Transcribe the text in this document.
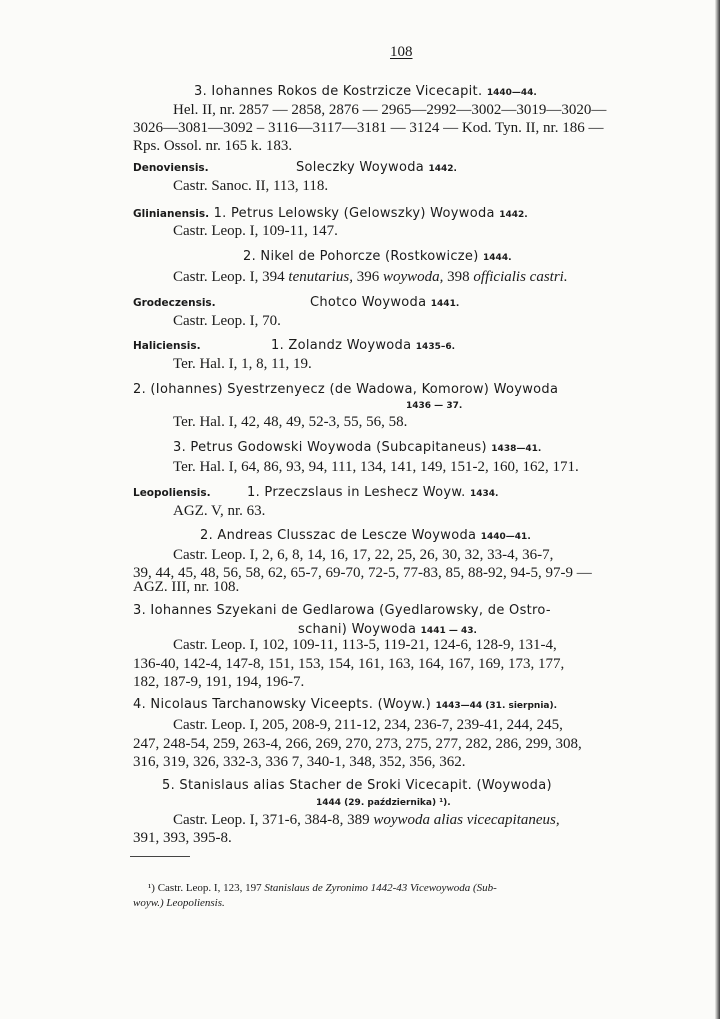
108
3. Iohannes Rokos de Kostrzicze Vicecapit. 1440—44.
Hel. II, nr. 2857 — 2858, 2876 — 2965—2992—3002—3019—3020—
3026—3081—3092 – 3116—3117—3181 — 3124 — Kod. Tyn. II, nr. 186 —
Rps. Ossol. nr. 165 k. 183.
Denoviensis.	Soleczky Woywoda 1442.
Castr. Sanoc. II, 113, 118.
Glinianensis. 1. Petrus Lelowsky (Gelowszky) Woywoda 1442.
Castr. Leop. I, 109-11, 147.
2. Nikel de Pohorcze (Rostkowicze) 1444.
Castr. Leop. I, 394 tenutarius, 396 woywoda, 398 officialis castri.
Grodeczensis.	Chotco Woywoda 1441.
Castr. Leop. I, 70.
Haliciensis.	1. Zolandz Woywoda 1435–6.
Ter. Hal. I, 1, 8, 11, 19.
2. (Iohannes) Syestrzenyecz (de Wadowa, Komorow) Woywoda
1436 — 37.
Ter. Hal. I, 42, 48, 49, 52-3, 55, 56, 58.
3. Petrus Godowski Woywoda (Subcapitaneus) 1438—41.
Ter. Hal. I, 64, 86, 93, 94, 111, 134, 141, 149, 151-2, 160, 162, 171.
Leopoliensis.	1. Przeczslaus in Leshecz Woyw. 1434.
AGZ. V, nr. 63.
2. Andreas Clusszac de Lescze Woywoda 1440—41.
Castr. Leop. I, 2, 6, 8, 14, 16, 17, 22, 25, 26, 30, 32, 33-4, 36-7,
39, 44, 45, 48, 56, 58, 62, 65-7, 69-70, 72-5, 77-83, 85, 88-92, 94-5, 97-9 —
AGZ. III, nr. 108.
3. Iohannes Szyekani de Gedlarowa (Gyedlarowsky, de Ostro-
schani) Woywoda 1441 — 43.
Castr. Leop. I, 102, 109-11, 113-5, 119-21, 124-6, 128-9, 131-4,
136-40, 142-4, 147-8, 151, 153, 154, 161, 163, 164, 167, 169, 173, 177,
182, 187-9, 191, 194, 196-7.
4. Nicolaus Tarchanowsky Viceepts. (Woyw.) 1443—44 (31. sierpnia).
Castr. Leop. I, 205, 208-9, 211-12, 234, 236-7, 239-41, 244, 245,
247, 248-54, 259, 263-4, 266, 269, 270, 273, 275, 277, 282, 286, 299, 308,
316, 319, 326, 332-3, 336 7, 340-1, 348, 352, 356, 362.
5. Stanislaus alias Stacher de Sroki Vicecapit. (Woywoda)
1444 (29. października) ¹).
Castr. Leop. I, 371-6, 384-8, 389 woywoda alias vicecapitaneus,
391, 393, 395-8.
¹) Castr. Leop. I, 123, 197 Stanislaus de Zyronimo 1442-43 Vicewoywoda (Sub-
woyw.) Leopoliensis.
